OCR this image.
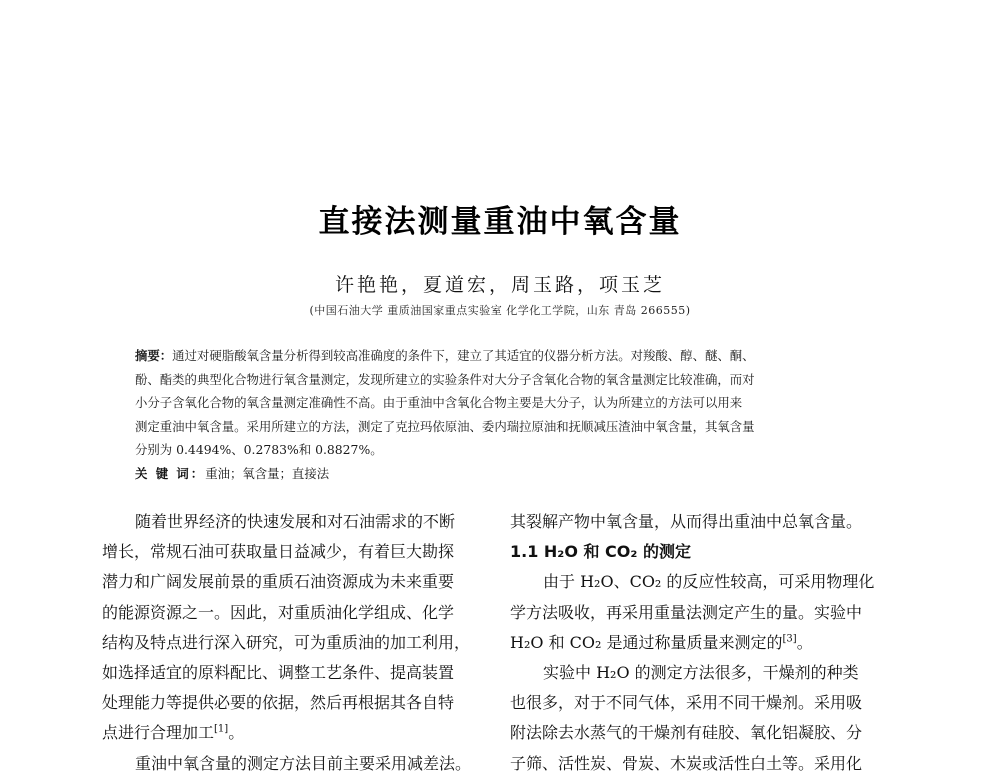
直接法测量重油中氧含量
许艳艳，夏道宏，周玉路，项玉芝
(中国石油大学 重质油国家重点实验室 化学化工学院，山东 青岛 266555)
摘要：通过对硬脂酸氧含量分析得到较高准确度的条件下，建立了其适宜的仪器分析方法。对羧酸、醇、醚、酮、
酚、酯类的典型化合物进行氧含量测定，发现所建立的实验条件对大分子含氧化合物的氧含量测定比较准确，而对
小分子含氧化合物的氧含量测定准确性不高。由于重油中含氧化合物主要是大分子，认为所建立的方法可以用来
测定重油中氧含量。采用所建立的方法，测定了克拉玛依原油、委内瑞拉原油和抚顺减压渣油中氧含量，其氧含量
分别为 0.4494%、0.2783%和 0.8827%。
关 键 词：重油；氧含量；直接法
随着世界经济的快速发展和对石油需求的不断
增长，常规石油可获取量日益减少，有着巨大勘探
潜力和广阔发展前景的重质石油资源成为未来重要
的能源资源之一。因此，对重质油化学组成、化学
结构及特点进行深入研究，可为重质油的加工利用，
如选择适宜的原料配比、调整工艺条件、提高装置
处理能力等提供必要的依据，然后再根据其各自特
点进行合理加工[1]。
重油中氧含量的测定方法目前主要采用减差法。
其裂解产物中氧含量，从而得出重油中总氧含量。
1.1 H₂O 和 CO₂ 的测定
由于 H₂O、CO₂ 的反应性较高，可采用物理化
学方法吸收，再采用重量法测定产生的量。实验中
H₂O 和 CO₂ 是通过称量质量来测定的[3]。
实验中 H₂O 的测定方法很多，干燥剂的种类
也很多，对于不同气体，采用不同干燥剂。采用吸
附法除去水蒸气的干燥剂有硅胶、氧化铝凝胶、分
子筛、活性炭、骨炭、木炭或活性白土等。采用化
